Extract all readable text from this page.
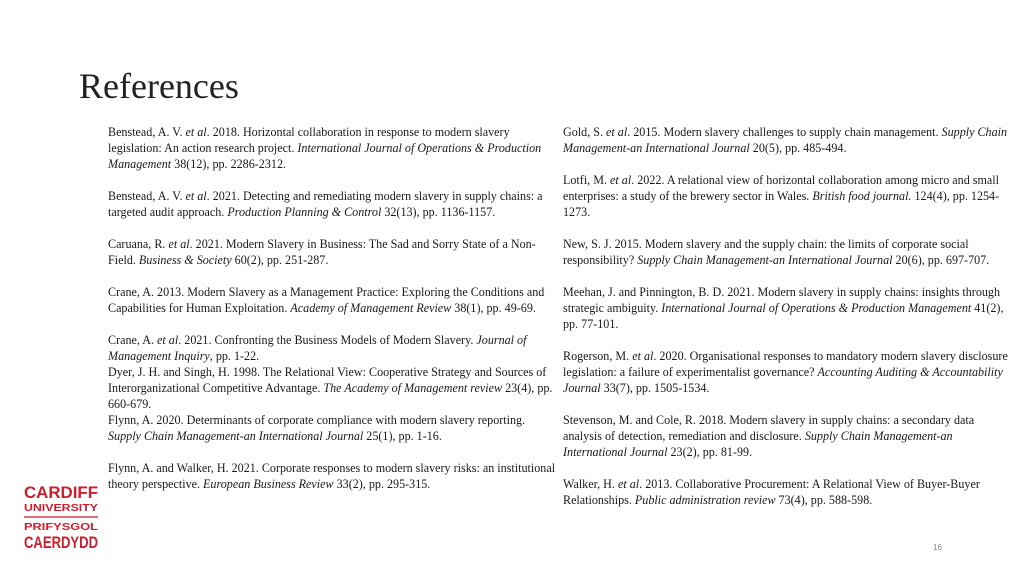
References

Benstead, A. V. et al. 2018. Horizontal collaboration in response to modern slavery legislation: An action research project. International Journal of Operations & Production Management 38(12), pp. 2286-2312.

Benstead, A. V. et al. 2021. Detecting and remediating modern slavery in supply chains: a targeted audit approach. Production Planning & Control 32(13), pp. 1136-1157.

Caruana, R. et al. 2021. Modern Slavery in Business: The Sad and Sorry State of a Non-Field. Business & Society 60(2), pp. 251-287.

Crane, A. 2013. Modern Slavery as a Management Practice: Exploring the Conditions and Capabilities for Human Exploitation. Academy of Management Review 38(1), pp. 49-69.

Crane, A. et al. 2021. Confronting the Business Models of Modern Slavery. Journal of Management Inquiry, pp. 1-22.

Dyer, J. H. and Singh, H. 1998. The Relational View: Cooperative Strategy and Sources of Interorganizational Competitive Advantage. The Academy of Management review 23(4), pp. 660-679.

Flynn, A. 2020. Determinants of corporate compliance with modern slavery reporting. Supply Chain Management-an International Journal 25(1), pp. 1-16.

Flynn, A. and Walker, H. 2021. Corporate responses to modern slavery risks: an institutional theory perspective. European Business Review 33(2), pp. 295-315.

Gold, S. et al. 2015. Modern slavery challenges to supply chain management. Supply Chain Management-an International Journal 20(5), pp. 485-494.

Lotfi, M. et al. 2022. A relational view of horizontal collaboration among micro and small enterprises: a study of the brewery sector in Wales. British food journal. 124(4), pp. 1254-1273.

New, S. J. 2015. Modern slavery and the supply chain: the limits of corporate social responsibility? Supply Chain Management-an International Journal 20(6), pp. 697-707.

Meehan, J. and Pinnington, B. D. 2021. Modern slavery in supply chains: insights through strategic ambiguity. International Journal of Operations & Production Management 41(2), pp. 77-101.

Rogerson, M. et al. 2020. Organisational responses to mandatory modern slavery disclosure legislation: a failure of experimentalist governance? Accounting Auditing & Accountability Journal 33(7), pp. 1505-1534.

Stevenson, M. and Cole, R. 2018. Modern slavery in supply chains: a secondary data analysis of detection, remediation and disclosure. Supply Chain Management-an International Journal 23(2), pp. 81-99.

Walker, H. et al. 2013. Collaborative Procurement: A Relational View of Buyer-Buyer Relationships. Public administration review 73(4), pp. 588-598.

CARDIFF
UNIVERSITY
PRIFYSGOL
CAERDYDD	16
